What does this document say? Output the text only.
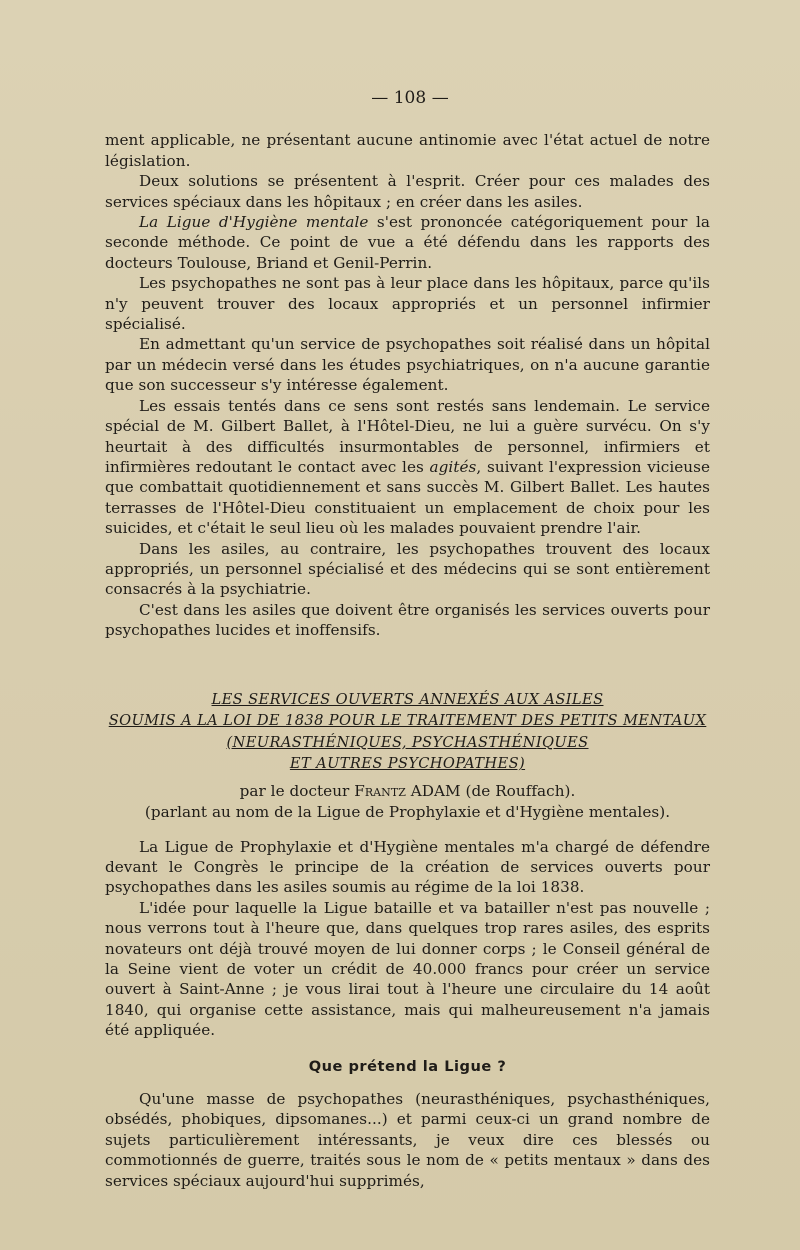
— 108 —

ment applicable, ne présentant aucune antinomie avec l'état actuel de notre législation.

Deux solutions se présentent à l'esprit. Créer pour ces malades des services spéciaux dans les hôpitaux ; en créer dans les asiles.

La Ligue d'Hygiène mentale s'est prononcée catégoriquement pour la seconde méthode. Ce point de vue a été défendu dans les rapports des docteurs Toulouse, Briand et Genil-Perrin.

Les psychopathes ne sont pas à leur place dans les hôpitaux, parce qu'ils n'y peuvent trouver des locaux appropriés et un personnel infirmier spécialisé.

En admettant qu'un service de psychopathes soit réalisé dans un hôpital par un médecin versé dans les études psychiatriques, on n'a aucune garantie que son successeur s'y intéresse également.

Les essais tentés dans ce sens sont restés sans lendemain. Le service spécial de M. Gilbert Ballet, à l'Hôtel-Dieu, ne lui a guère survécu. On s'y heurtait à des difficultés insurmontables de personnel, infirmiers et infirmières redoutant le contact avec les agités, suivant l'expression vicieuse que combattait quotidiennement et sans succès M. Gilbert Ballet. Les hautes terrasses de l'Hôtel-Dieu constituaient un emplacement de choix pour les suicides, et c'était le seul lieu où les malades pouvaient prendre l'air.

Dans les asiles, au contraire, les psychopathes trouvent des locaux appropriés, un personnel spécialisé et des médecins qui se sont entièrement consacrés à la psychiatrie.

C'est dans les asiles que doivent être organisés les services ouverts pour psychopathes lucides et inoffensifs.

LES SERVICES OUVERTS ANNEXÉS AUX ASILES
SOUMIS A LA LOI DE 1838 POUR LE TRAITEMENT DES PETITS MENTAUX
(NEURASTHÉNIQUES, PSYCHASTHÉNIQUES
ET AUTRES PSYCHOPATHES)
par le docteur Frantz ADAM (de Rouffach).
(parlant au nom de la Ligue de Prophylaxie et d'Hygiène mentales).

La Ligue de Prophylaxie et d'Hygiène mentales m'a chargé de défendre devant le Congrès le principe de la création de services ouverts pour psychopathes dans les asiles soumis au régime de la loi 1838.

L'idée pour laquelle la Ligue bataille et va batailler n'est pas nouvelle ; nous verrons tout à l'heure que, dans quelques trop rares asiles, des esprits novateurs ont déjà trouvé moyen de lui donner corps ; le Conseil général de la Seine vient de voter un crédit de 40.000 francs pour créer un service ouvert à Saint-Anne ; je vous lirai tout à l'heure une circulaire du 14 août 1840, qui organise cette assistance, mais qui malheureusement n'a jamais été appliquée.

Que prétend la Ligue ?

Qu'une masse de psychopathes (neurasthéniques, psychasthéniques, obsédés, phobiques, dipsomanes...) et parmi ceux-ci un grand nombre de sujets particulièrement intéressants, je veux dire ces blessés ou commotionnés de guerre, traités sous le nom de « petits mentaux » dans des services spéciaux aujourd'hui supprimés,
